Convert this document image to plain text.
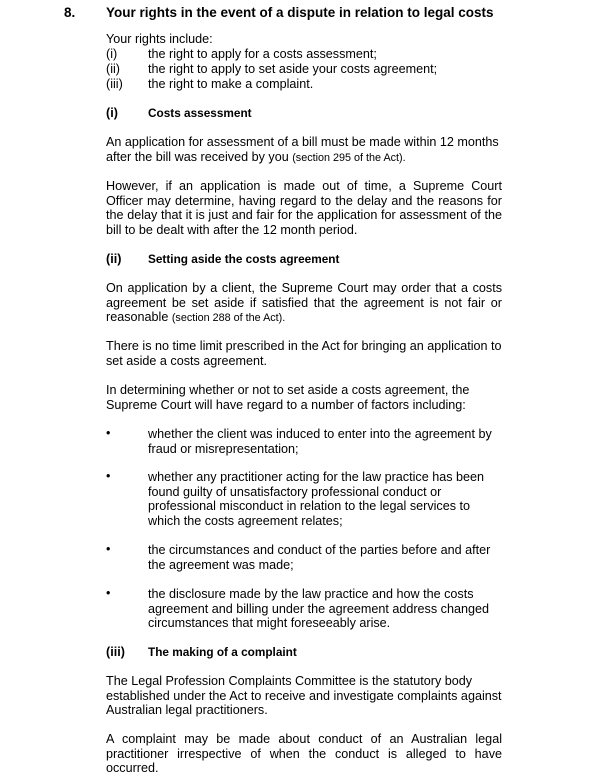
8. Your rights in the event of a dispute in relation to legal costs
Your rights include:
(i) the right to apply for a costs assessment;
(ii) the right to apply to set aside your costs agreement;
(iii) the right to make a complaint.
(i)	Costs assessment
An application for assessment of a bill must be made within 12 months after the bill was received by you (section 295 of the Act).
However, if an application is made out of time, a Supreme Court Officer may determine, having regard to the delay and the reasons for the delay that it is just and fair for the application for assessment of the bill to be dealt with after the 12 month period.
(ii) Setting aside the costs agreement
On application by a client, the Supreme Court may order that a costs agreement be set aside if satisfied that the agreement is not fair or reasonable (section 288 of the Act).
There is no time limit prescribed in the Act for bringing an application to set aside a costs agreement.
In determining whether or not to set aside a costs agreement, the Supreme Court will have regard to a number of factors including:
•	whether the client was induced to enter into the agreement by fraud or misrepresentation;
•	whether any practitioner acting for the law practice has been found guilty of unsatisfactory professional conduct or professional misconduct in relation to the legal services to which the costs agreement relates;
•	the circumstances and conduct of the parties before and after the agreement was made;
•	the disclosure made by the law practice and how the costs agreement and billing under the agreement address changed circumstances that might foreseeably arise.
(iii) The making of a complaint
The Legal Profession Complaints Committee is the statutory body established under the Act to receive and investigate complaints against Australian legal practitioners.
A complaint may be made about conduct of an Australian legal practitioner irrespective of when the conduct is alleged to have occurred.
